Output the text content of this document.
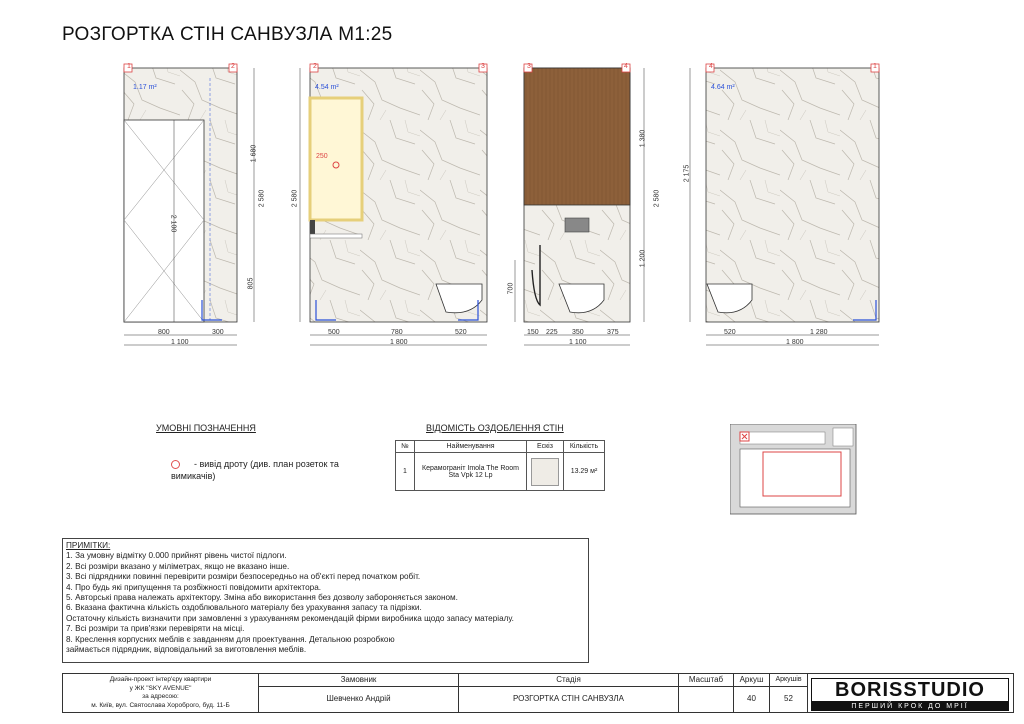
РОЗГОРТКА СТІН САНВУЗЛА М1:25
1	2
1.17 m²
2 100
800	300
1 100
1 680
805
2 580
2	3
4.54 m²
250
500	780	520
1 800
2 580
3	4
150 225 350	375
1 100
1 380
1 200
2 580
700
4	1
4.64 m²
520	1 280
1 800
2 175
УМОВНІ ПОЗНАЧЕННЯ
- вивід дроту (див. план розеток та вимикачів)
ВІДОМІСТЬ ОЗДОБЛЕННЯ СТІН
№	Найменування	Ескіз	Кількість
1	Керамограніт Imola The Room Sta Vpk 12 Lp		13.29 м²
ПРИМІТКИ:
1. За умовну відмітку 0.000 прийнят рівень чистої підлоги.
2. Всі розміри вказано у міліметрах, якщо не вказано інше.
3. Всі підрядники повинні перевірити розміри безпосередньо на об'єкті перед початком робіт.
4. Про будь які припущення та розбіжності повідомити архітектора.
5. Авторські права належать архітектору. Зміна або використання без дозволу забороняється законом.
6. Вказана фактична кількість оздоблювального матеріалу без урахування запасу та підрізки.
Остаточну кількість визначити при замовленні з урахуванням рекомендацій фірми виробника щодо запасу матеріалу.
7. Всі розміри та прив'язки перевіряти на місці.
8. Креслення корпусних меблів є завданням для проектування. Детальною розробкою
займається підрядник, відповідальний за виготовлення меблів.
Дизайн-проект інтер'єру квартири
у ЖК "SKY AVENUE"
за адресою:
м. Київ, вул. Святослава Хороброго, буд. 11-Б
Замовник
Шевченко Андрій
Стадія
РОЗГОРТКА СТІН САНВУЗЛА
Масштаб	Аркуш
40
Аркушів
52	BORISSTUDIO
ПЕРШИЙ КРОК ДО МРІЇ
